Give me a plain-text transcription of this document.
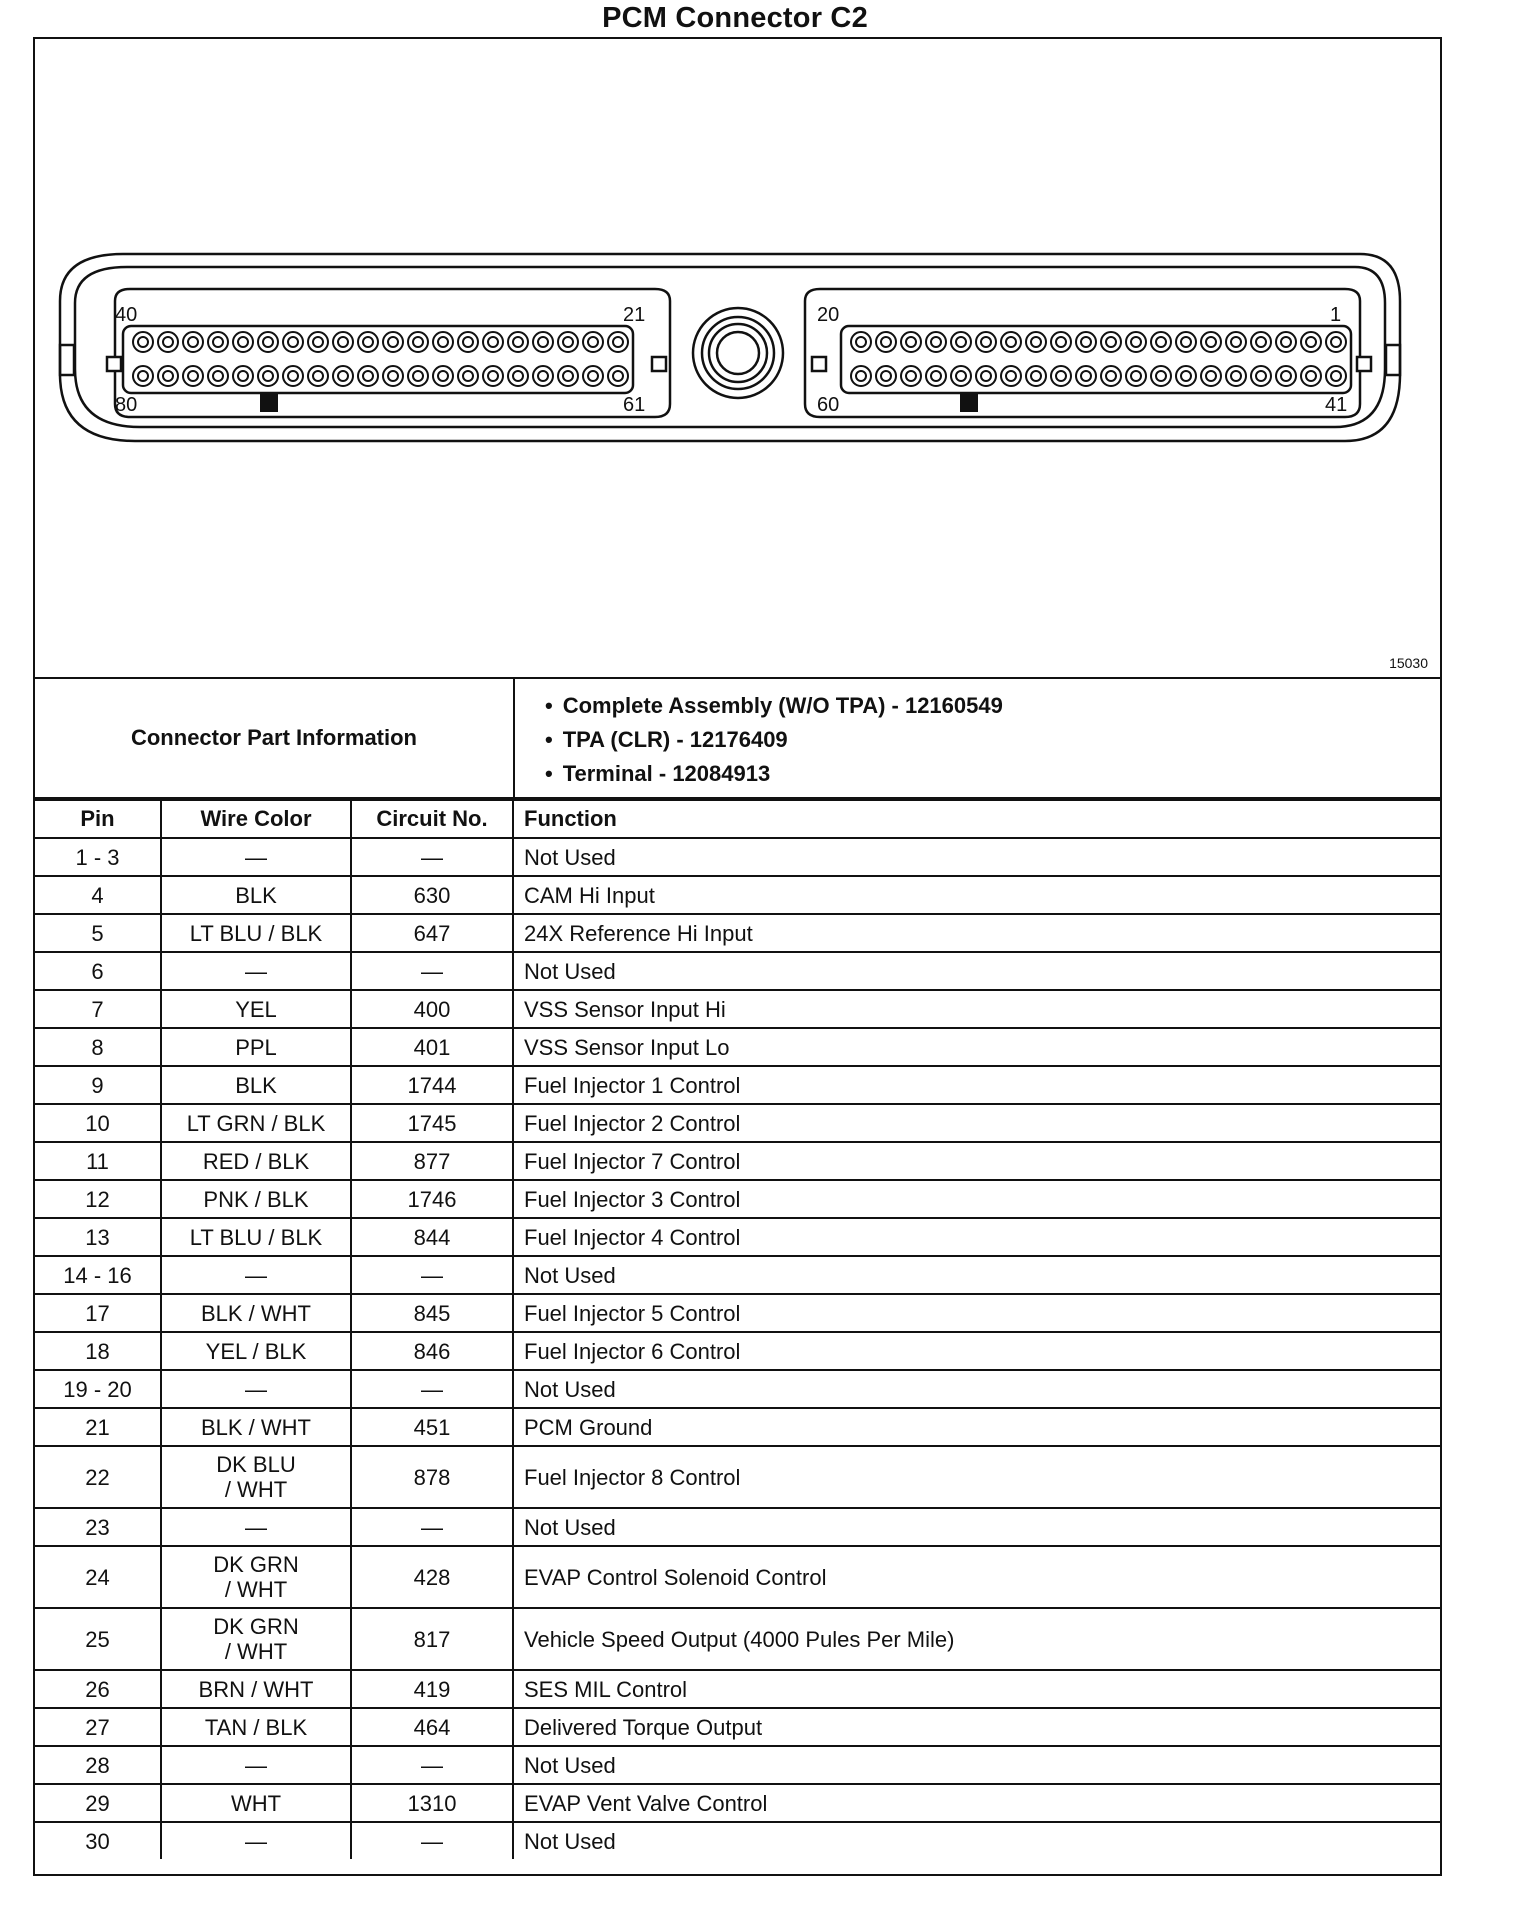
PCM Connector C2
40	21
80	61
20	1
60	41
15030
Connector Part Information
• Complete Assembly (W/O TPA) - 12160549
• TPA (CLR) - 12176409
• Terminal - 12084913
Pin	Wire Color	Circuit No.	Function
1 - 3	—	—	Not Used
4	BLK	630	CAM Hi Input
5	LT BLU / BLK	647	24X Reference Hi Input
6	—	—	Not Used
7	YEL	400	VSS Sensor Input Hi
8	PPL	401	VSS Sensor Input Lo
9	BLK	1744	Fuel Injector 1 Control
10	LT GRN / BLK	1745	Fuel Injector 2 Control
11	RED / BLK	877	Fuel Injector 7 Control
12	PNK / BLK	1746	Fuel Injector 3 Control
13	LT BLU / BLK	844	Fuel Injector 4 Control
14 - 16	—	—	Not Used
17	BLK / WHT	845	Fuel Injector 5 Control
18	YEL / BLK	846	Fuel Injector 6 Control
19 - 20	—	—	Not Used
21	BLK / WHT	451	PCM Ground
22	DK BLU
/ WHT	878	Fuel Injector 8 Control
23	—	—	Not Used
24	DK GRN
/ WHT	428	EVAP Control Solenoid Control
25	DK GRN
/ WHT	817	Vehicle Speed Output (4000 Pules Per Mile)
26	BRN / WHT	419	SES MIL Control
27	TAN / BLK	464	Delivered Torque Output
28	—	—	Not Used
29	WHT	1310	EVAP Vent Valve Control
30	—	—	Not Used
